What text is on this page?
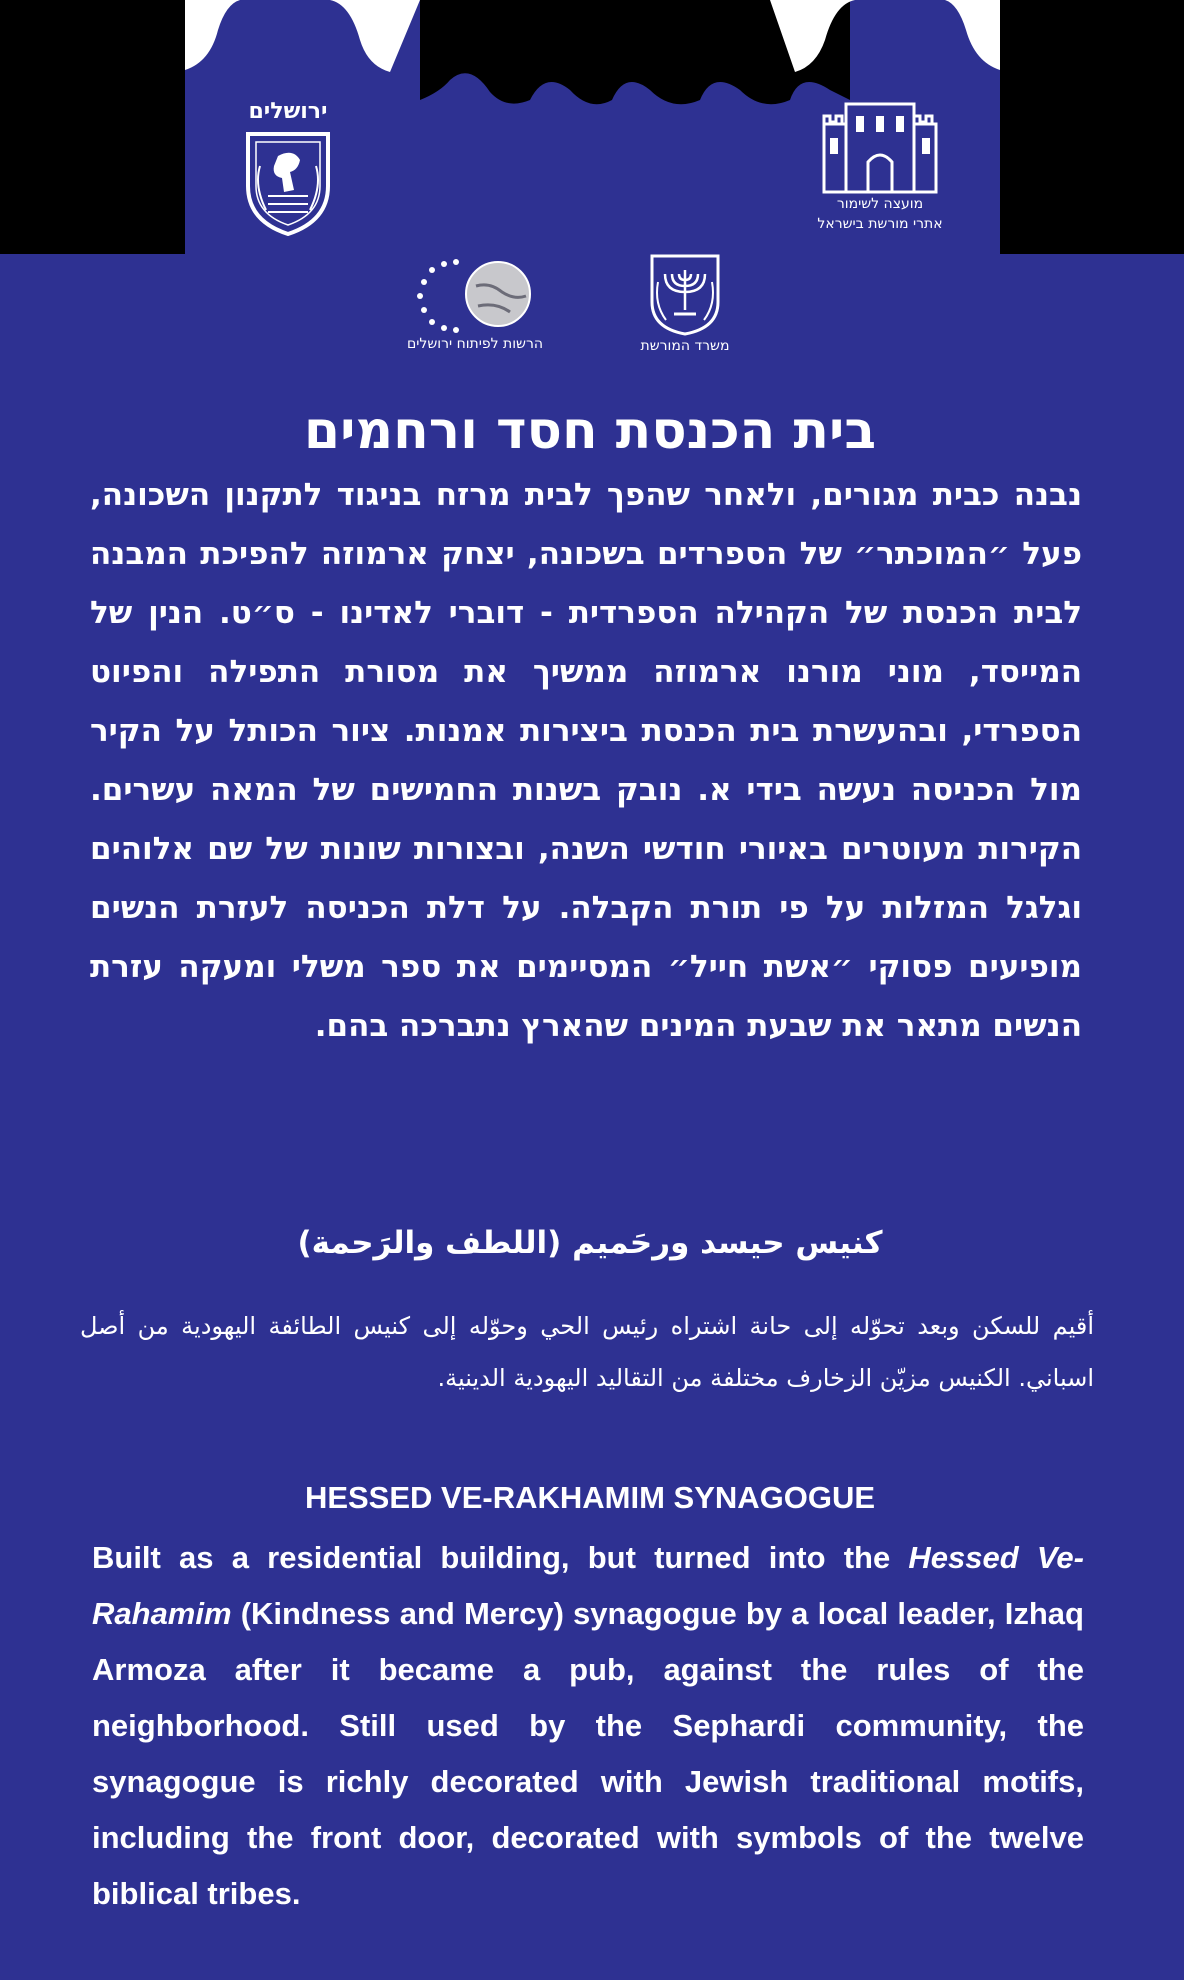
ירושלים
מועצה לשימור
אתרי מורשת בישראל
הרשות לפיתוח ירושלים	משרד המורשת
בית הכנסת חסד ורחמים

נבנה כבית מגורים, ולאחר שהפך לבית מרזח בניגוד לתקנון השכונה, פעל ״המוכתר״ של הספרדים בשכונה, יצחק ארמוזה להפיכת המבנה לבית הכנסת של הקהילה הספרדית - דוברי לאדינו - ס״ט. הנין של המייסד, מוני מורנו ארמוזה ממשיך את מסורת התפילה והפיוט הספרדי, ובהעשרת בית הכנסת ביצירות אמנות. ציור הכותל על הקיר מול הכניסה נעשה בידי א. נובק בשנות החמישים של המאה עשרים. הקירות מעוטרים באיורי חודשי השנה, ובצורות שונות של שם אלוהים וגלגל המזלות על פי תורת הקבלה. על דלת הכניסה לעזרת הנשים מופיעים פסוקי ״אשת חייל״ המסיימים את ספר משלי ומעקה עזרת הנשים מתאר את שבעת המינים שהארץ נתברכה בהם.

كنيس حيسد ورحَميم (اللطف والرَحمة)

أقيم للسكن وبعد تحوّله إلى حانة اشتراه رئيس الحي وحوّله إلى كنيس الطائفة اليهودية من أصل اسباني. الكنيس مزيّن الزخارف مختلفة من التقاليد اليهودية الدينية.

HESSED VE-RAKHAMIM SYNAGOGUE

Built as a residential building, but turned into the Hessed Ve-Rahamim (Kindness and Mercy) synagogue by a local leader, Izhaq Armoza after it became a pub, against the rules of the neighborhood. Still used by the Sephardi community, the synagogue is richly decorated with Jewish traditional motifs, including the front door, decorated with symbols of the twelve biblical tribes.
